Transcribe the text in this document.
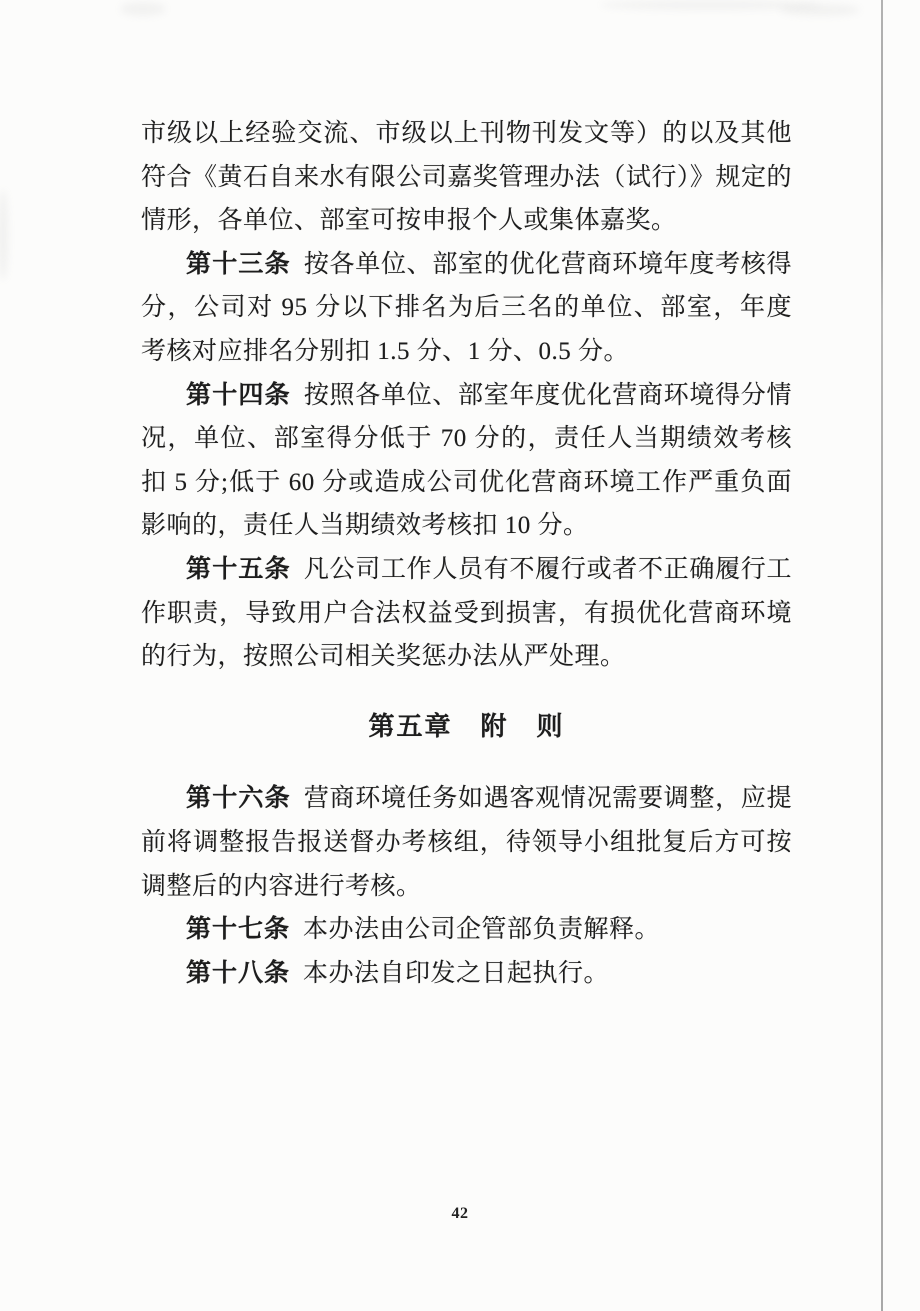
市级以上经验交流、市级以上刊物刊发文等）的以及其他符合《黄石自来水有限公司嘉奖管理办法（试行）》规定的情形，各单位、部室可按申报个人或集体嘉奖。

第十三条 按各单位、部室的优化营商环境年度考核得分，公司对 95 分以下排名为后三名的单位、部室，年度考核对应排名分别扣 1.5 分、1 分、0.5 分。

第十四条 按照各单位、部室年度优化营商环境得分情况，单位、部室得分低于 70 分的，责任人当期绩效考核扣 5 分;低于 60 分或造成公司优化营商环境工作严重负面影响的，责任人当期绩效考核扣 10 分。

第十五条 凡公司工作人员有不履行或者不正确履行工作职责，导致用户合法权益受到损害，有损优化营商环境的行为，按照公司相关奖惩办法从严处理。

第五章　附　则

第十六条 营商环境任务如遇客观情况需要调整，应提前将调整报告报送督办考核组，待领导小组批复后方可按调整后的内容进行考核。

第十七条 本办法由公司企管部负责解释。

第十八条 本办法自印发之日起执行。

42
